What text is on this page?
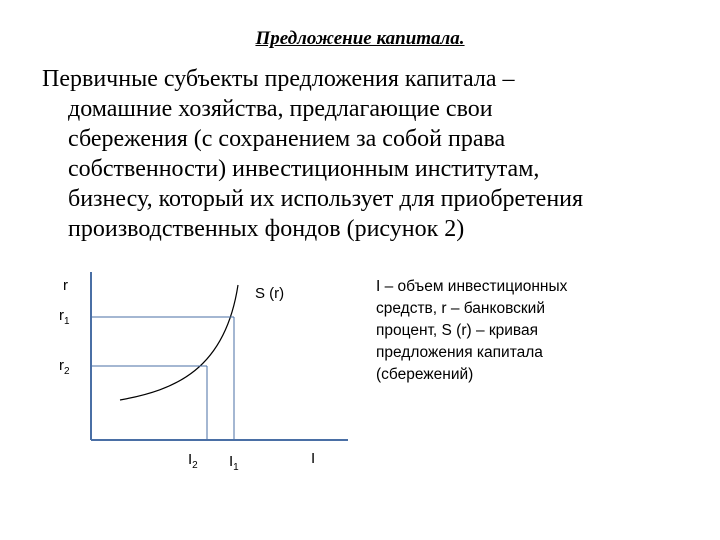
Предложение капитала.
Первичные субъекты предложения капитала –
домашние хозяйства, предлагающие свои
сбережения (с сохранением за собой права
собственности) инвестиционным институтам,
бизнесу, который их использует для приобретения
производственных фондов (рисунок 2)
I – объем инвестиционных
средств, r – банковский
процент, S (r) – кривая
предложения капитала
(сбережений)
r
I
S (r)
$r_1$
$r_2$
$I_2$ $I_1$
